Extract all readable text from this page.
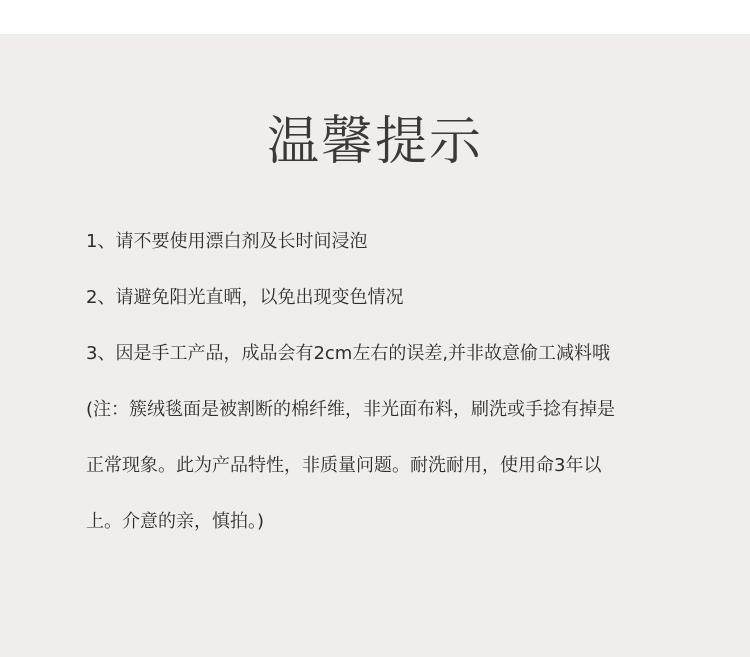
温馨提示
1、请不要使用漂白剂及长时间浸泡
2、请避免阳光直晒，以免出现变色情况
3、因是手工产品，成品会有2cm左右的误差,并非故意偷工减料哦
(注：簇绒毯面是被割断的棉纤维，非光面布料，刷洗或手捻有掉是
正常现象。此为产品特性，非质量问题。耐洗耐用，使用命3年以
上。介意的亲，慎拍。)
